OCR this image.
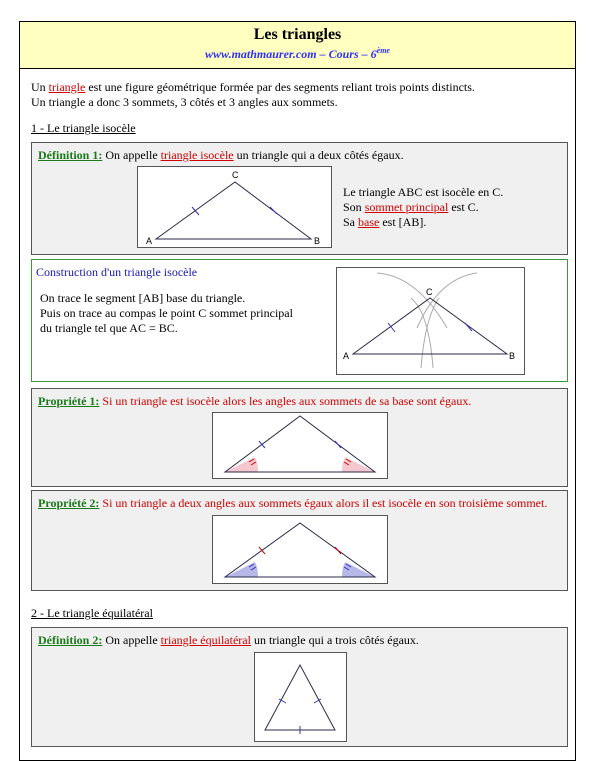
Les triangles
www.mathmaurer.com – Cours – 6ème
Un triangle est une figure géométrique formée par des segments reliant trois points distincts.
Un triangle a donc 3 sommets, 3 côtés et 3 angles aux sommets.
1 - Le triangle isocèle
Définition 1: On appelle triangle isocèle un triangle qui a deux côtés égaux.
A	B
C
Le triangle ABC est isocèle en C.
Son sommet principal est C.
Sa base est [AB].
Construction d'un triangle isocèle
On trace le segment [AB] base du triangle.
Puis on trace au compas le point C sommet principal
du triangle tel que AC = BC.
A	B
C
Propriété 1: Si un triangle est isocèle alors les angles aux sommets de sa base sont égaux.
Propriété 2: Si un triangle a deux angles aux sommets égaux alors il est isocèle en son troisième sommet.
2 - Le triangle équilatéral
Définition 2: On appelle triangle équilatéral un triangle qui a trois côtés égaux.
